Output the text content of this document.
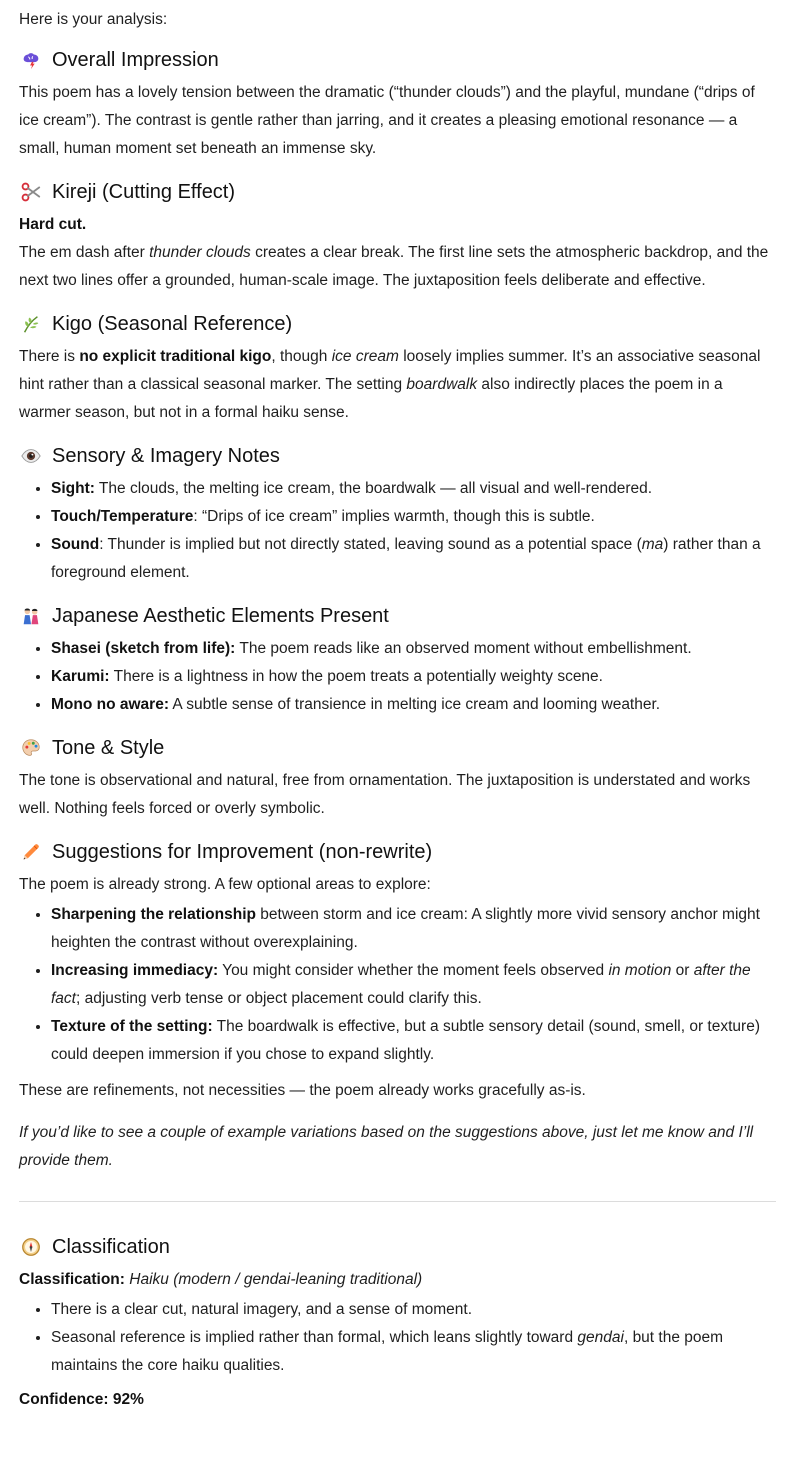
Here is your analysis:

Overall Impression

This poem has a lovely tension between the dramatic (“thunder clouds”) and the playful, mundane (“drips of ice cream”). The contrast is gentle rather than jarring, and it creates a pleasing emotional resonance — a small, human moment set beneath an immense sky.

Kireji (Cutting Effect)

Hard cut.

The em dash after thunder clouds creates a clear break. The first line sets the atmospheric backdrop, and the next two lines offer a grounded, human-scale image. The juxtaposition feels deliberate and effective.

Kigo (Seasonal Reference)

There is no explicit traditional kigo, though ice cream loosely implies summer. It’s an associative seasonal hint rather than a classical seasonal marker. The setting boardwalk also indirectly places the poem in a warmer season, but not in a formal haiku sense.

Sensory & Imagery Notes
• Sight: The clouds, the melting ice cream, the boardwalk — all visual and well-rendered.
• Touch/Temperature: “Drips of ice cream” implies warmth, though this is subtle.
• Sound: Thunder is implied but not directly stated, leaving sound as a potential space (ma) rather than a foreground element.
Japanese Aesthetic Elements Present
• Shasei (sketch from life): The poem reads like an observed moment without embellishment.
• Karumi: There is a lightness in how the poem treats a potentially weighty scene.
• Mono no aware: A subtle sense of transience in melting ice cream and looming weather.
Tone & Style

The tone is observational and natural, free from ornamentation. The juxtaposition is understated and works well. Nothing feels forced or overly symbolic.

Suggestions for Improvement (non-rewrite)

The poem is already strong. A few optional areas to explore:

• Sharpening the relationship between storm and ice cream: A slightly more vivid sensory anchor might heighten the contrast without overexplaining.
• Increasing immediacy: You might consider whether the moment feels observed in motion or after the fact; adjusting verb tense or object placement could clarify this.
• Texture of the setting: The boardwalk is effective, but a subtle sensory detail (sound, smell, or texture) could deepen immersion if you chose to expand slightly.

These are refinements, not necessities — the poem already works gracefully as-is.

If you’d like to see a couple of example variations based on the suggestions above, just let me know and I’ll provide them.

Classification

Classification: Haiku (modern / gendai-leaning traditional)

• There is a clear cut, natural imagery, and a sense of moment.
• Seasonal reference is implied rather than formal, which leans slightly toward gendai, but the poem maintains the core haiku qualities.

Confidence: 92%
